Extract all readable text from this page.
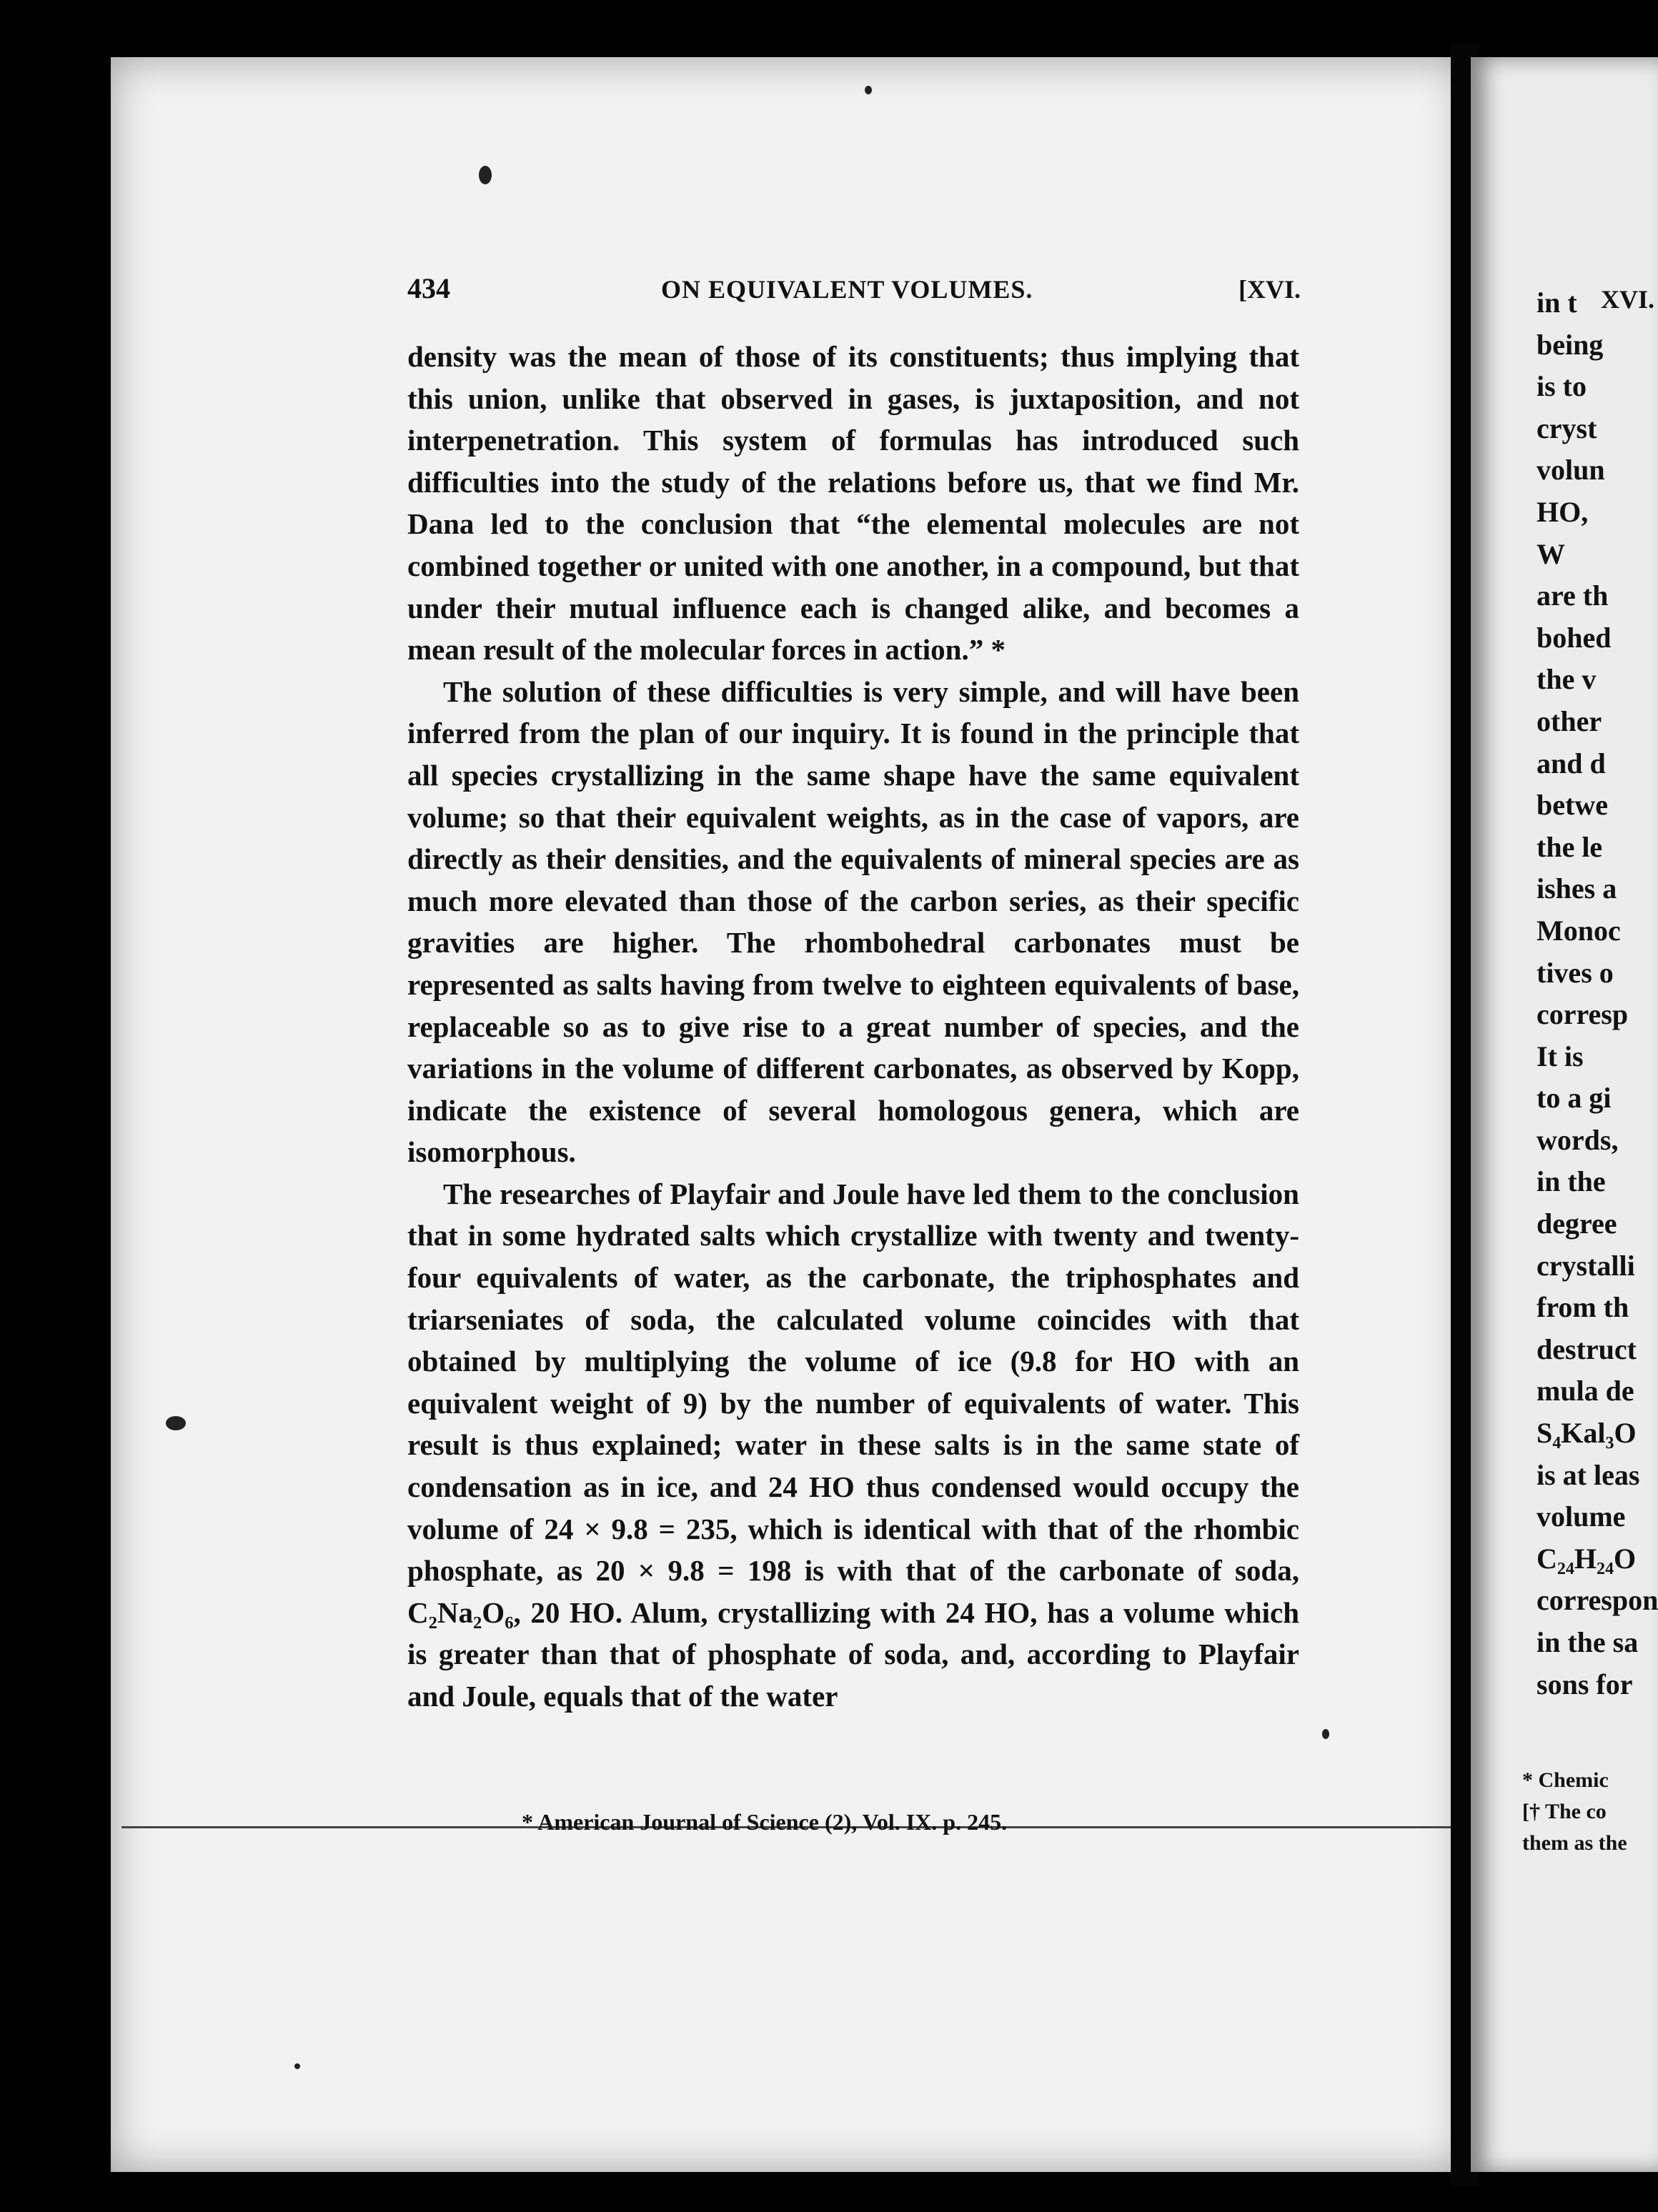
434	ON EQUIVALENT VOLUMES.	[XVI.

density was the mean of those of its constituents; thus implying that this union, unlike that observed in gases, is juxtaposition, and not interpenetration. This system of formulas has introduced such difficulties into the study of the relations before us, that we find Mr. Dana led to the conclusion that “the elemental molecules are not combined together or united with one another, in a compound, but that under their mutual influence each is changed alike, and becomes a mean result of the molecular forces in action.” *

The solution of these difficulties is very simple, and will have been inferred from the plan of our inquiry. It is found in the principle that all species crystallizing in the same shape have the same equivalent volume; so that their equivalent weights, as in the case of vapors, are directly as their densities, and the equivalents of mineral species are as much more elevated than those of the carbon series, as their specific gravities are higher. The rhombohedral carbonates must be represented as salts having from twelve to eighteen equivalents of base, replaceable so as to give rise to a great number of species, and the variations in the volume of different carbonates, as observed by Kopp, indicate the existence of several homologous genera, which are isomorphous.

The researches of Playfair and Joule have led them to the conclusion that in some hydrated salts which crystallize with twenty and twenty-four equivalents of water, as the carbonate, the triphosphates and triarseniates of soda, the calculated volume coincides with that obtained by multiplying the volume of ice (9.8 for HO with an equivalent weight of 9) by the number of equivalents of water. This result is thus explained; water in these salts is in the same state of condensation as in ice, and 24 HO thus condensed would occupy the volume of 24 × 9.8 = 235, which is identical with that of the rhombic phosphate, as 20 × 9.8 = 198 is with that of the carbonate of soda, C₂Na₂O₆, 20 HO. Alum, crystallizing with 24 HO, has a volume which is greater than that of phosphate of soda, and, according to Playfair and Joule, equals that of the water

* American Journal of Science (2), Vol. IX. p. 245.
XVI.
in t
being
is to
cryst
volun
HO,
W
are th
bohed
the v
other
and d
betwe
the le
ishes a
Monoc
tives o
corresp
It is
to a gi
words,
in the
degree
crystalli
from th
destruct
mula de
S₄Kal₃O
is at leas
volume
C₂₄H₂₄O
correspon
in the sa
sons for
* Chemic
[† The co
them as the
